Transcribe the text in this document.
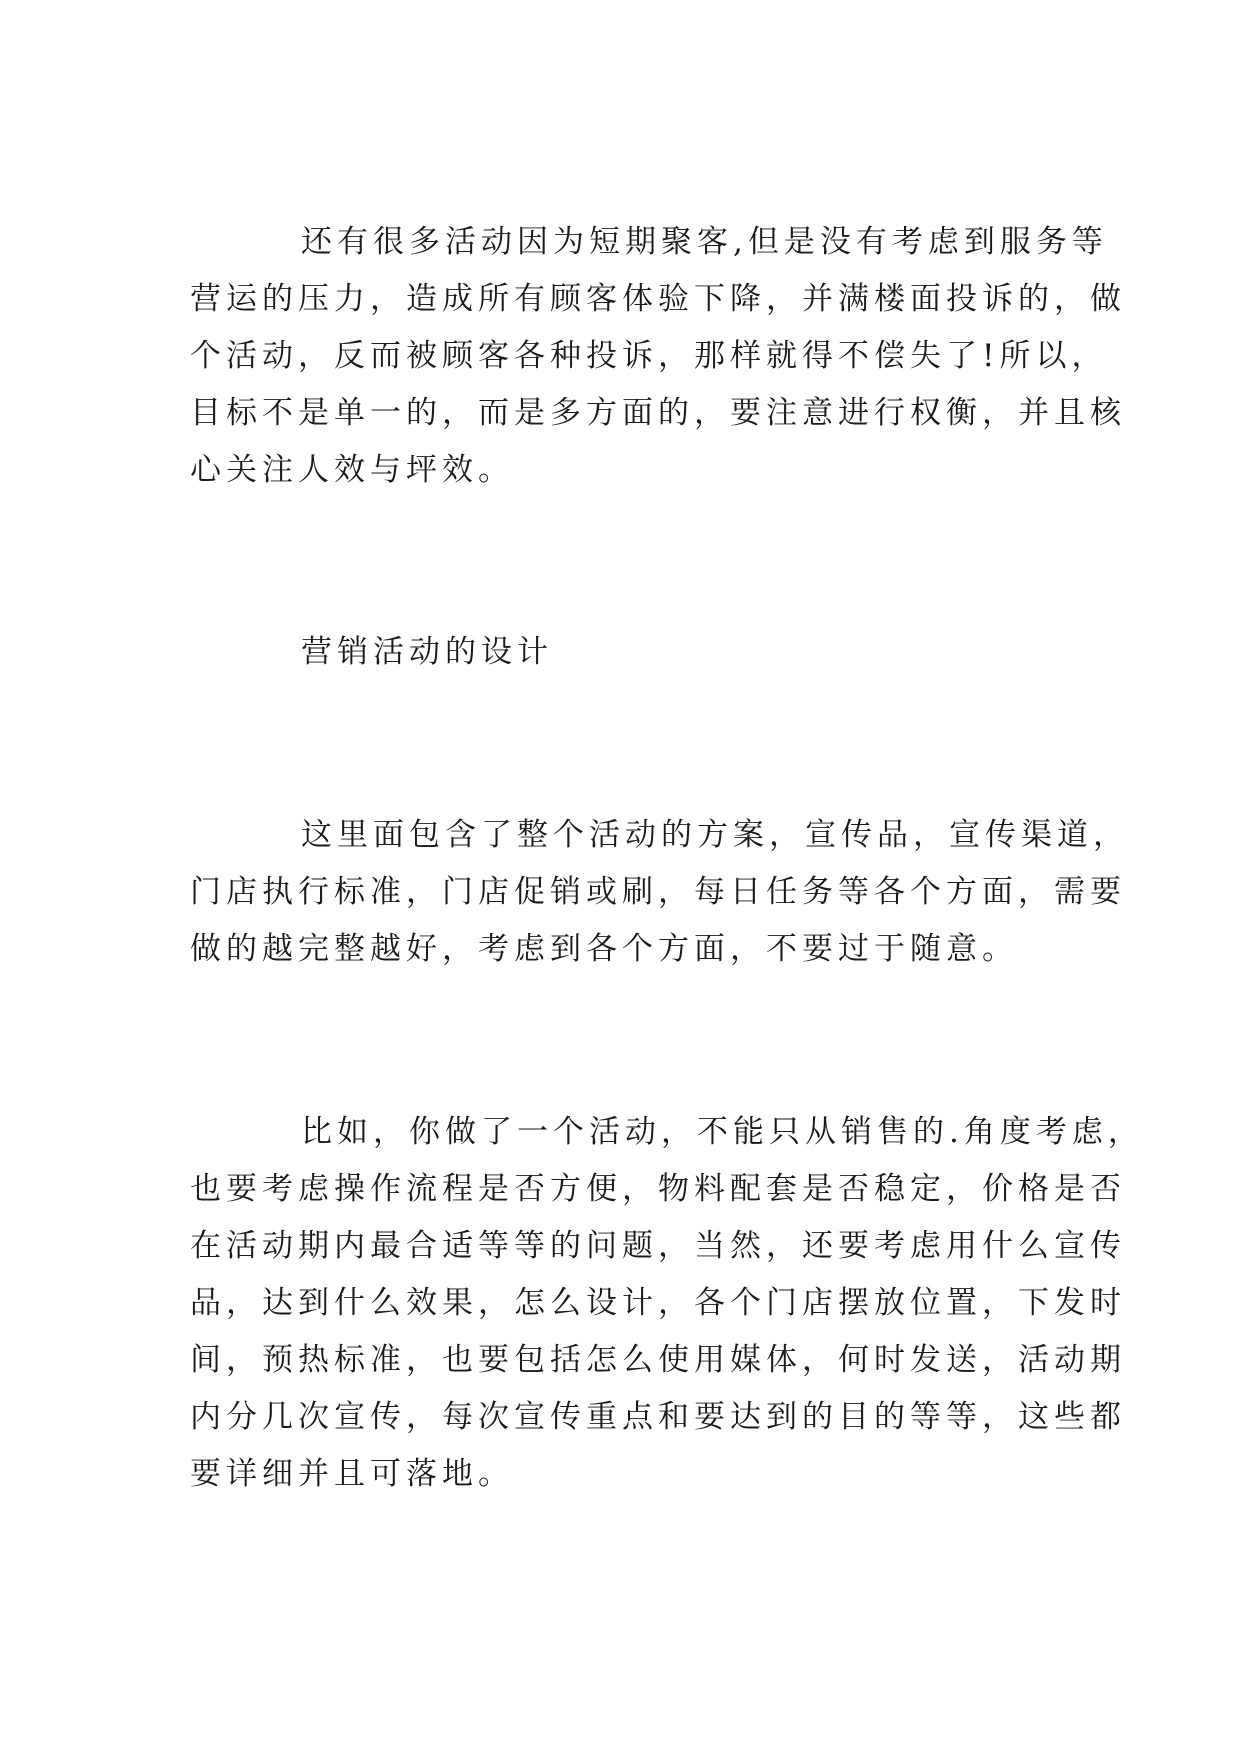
还有很多活动因为短期聚客,但是没有考虑到服务等

营运的压力，造成所有顾客体验下降，并满楼面投诉的，做

个活动，反而被顾客各种投诉，那样就得不偿失了!所以，

目标不是单一的，而是多方面的，要注意进行权衡，并且核

心关注人效与坪效。

营销活动的设计

这里面包含了整个活动的方案，宣传品，宣传渠道，

门店执行标准，门店促销或刷，每日任务等各个方面，需要

做的越完整越好，考虑到各个方面，不要过于随意。

比如，你做了一个活动，不能只从销售的.角度考虑，

也要考虑操作流程是否方便，物料配套是否稳定，价格是否

在活动期内最合适等等的问题，当然，还要考虑用什么宣传

品，达到什么效果，怎么设计，各个门店摆放位置，下发时

间，预热标准，也要包括怎么使用媒体，何时发送，活动期

内分几次宣传，每次宣传重点和要达到的目的等等，这些都

要详细并且可落地。
